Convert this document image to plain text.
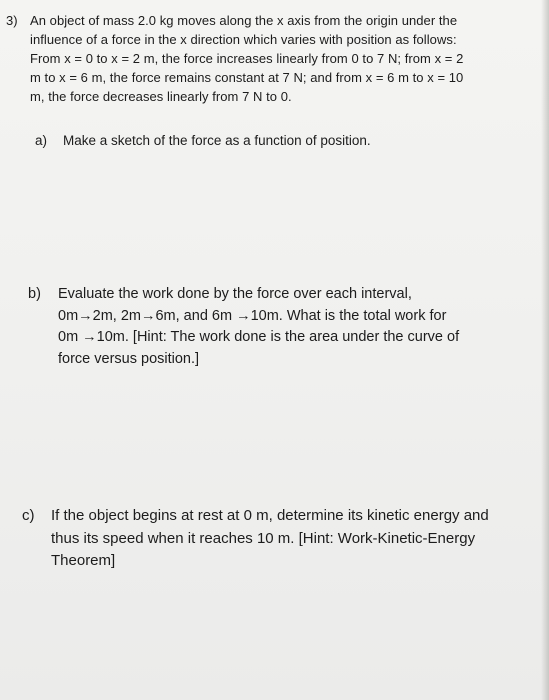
3) An object of mass 2.0 kg moves along the x axis from the origin under the
influence of a force in the x direction which varies with position as follows:
From x = 0 to x = 2 m, the force increases linearly from 0 to 7 N; from x = 2
m to x = 6 m, the force remains constant at 7 N; and from x = 6 m to x = 10
m, the force decreases linearly from 7 N to 0.
a) Make a sketch of the force as a function of position.
b) Evaluate the work done by the force over each interval,
0m→2m, 2m→6m, and 6m →10m. What is the total work for
0m →10m. [Hint: The work done is the area under the curve of
force versus position.]
c) If the object begins at rest at 0 m, determine its kinetic energy and
thus its speed when it reaches 10 m. [Hint: Work-Kinetic-Energy
Theorem]
